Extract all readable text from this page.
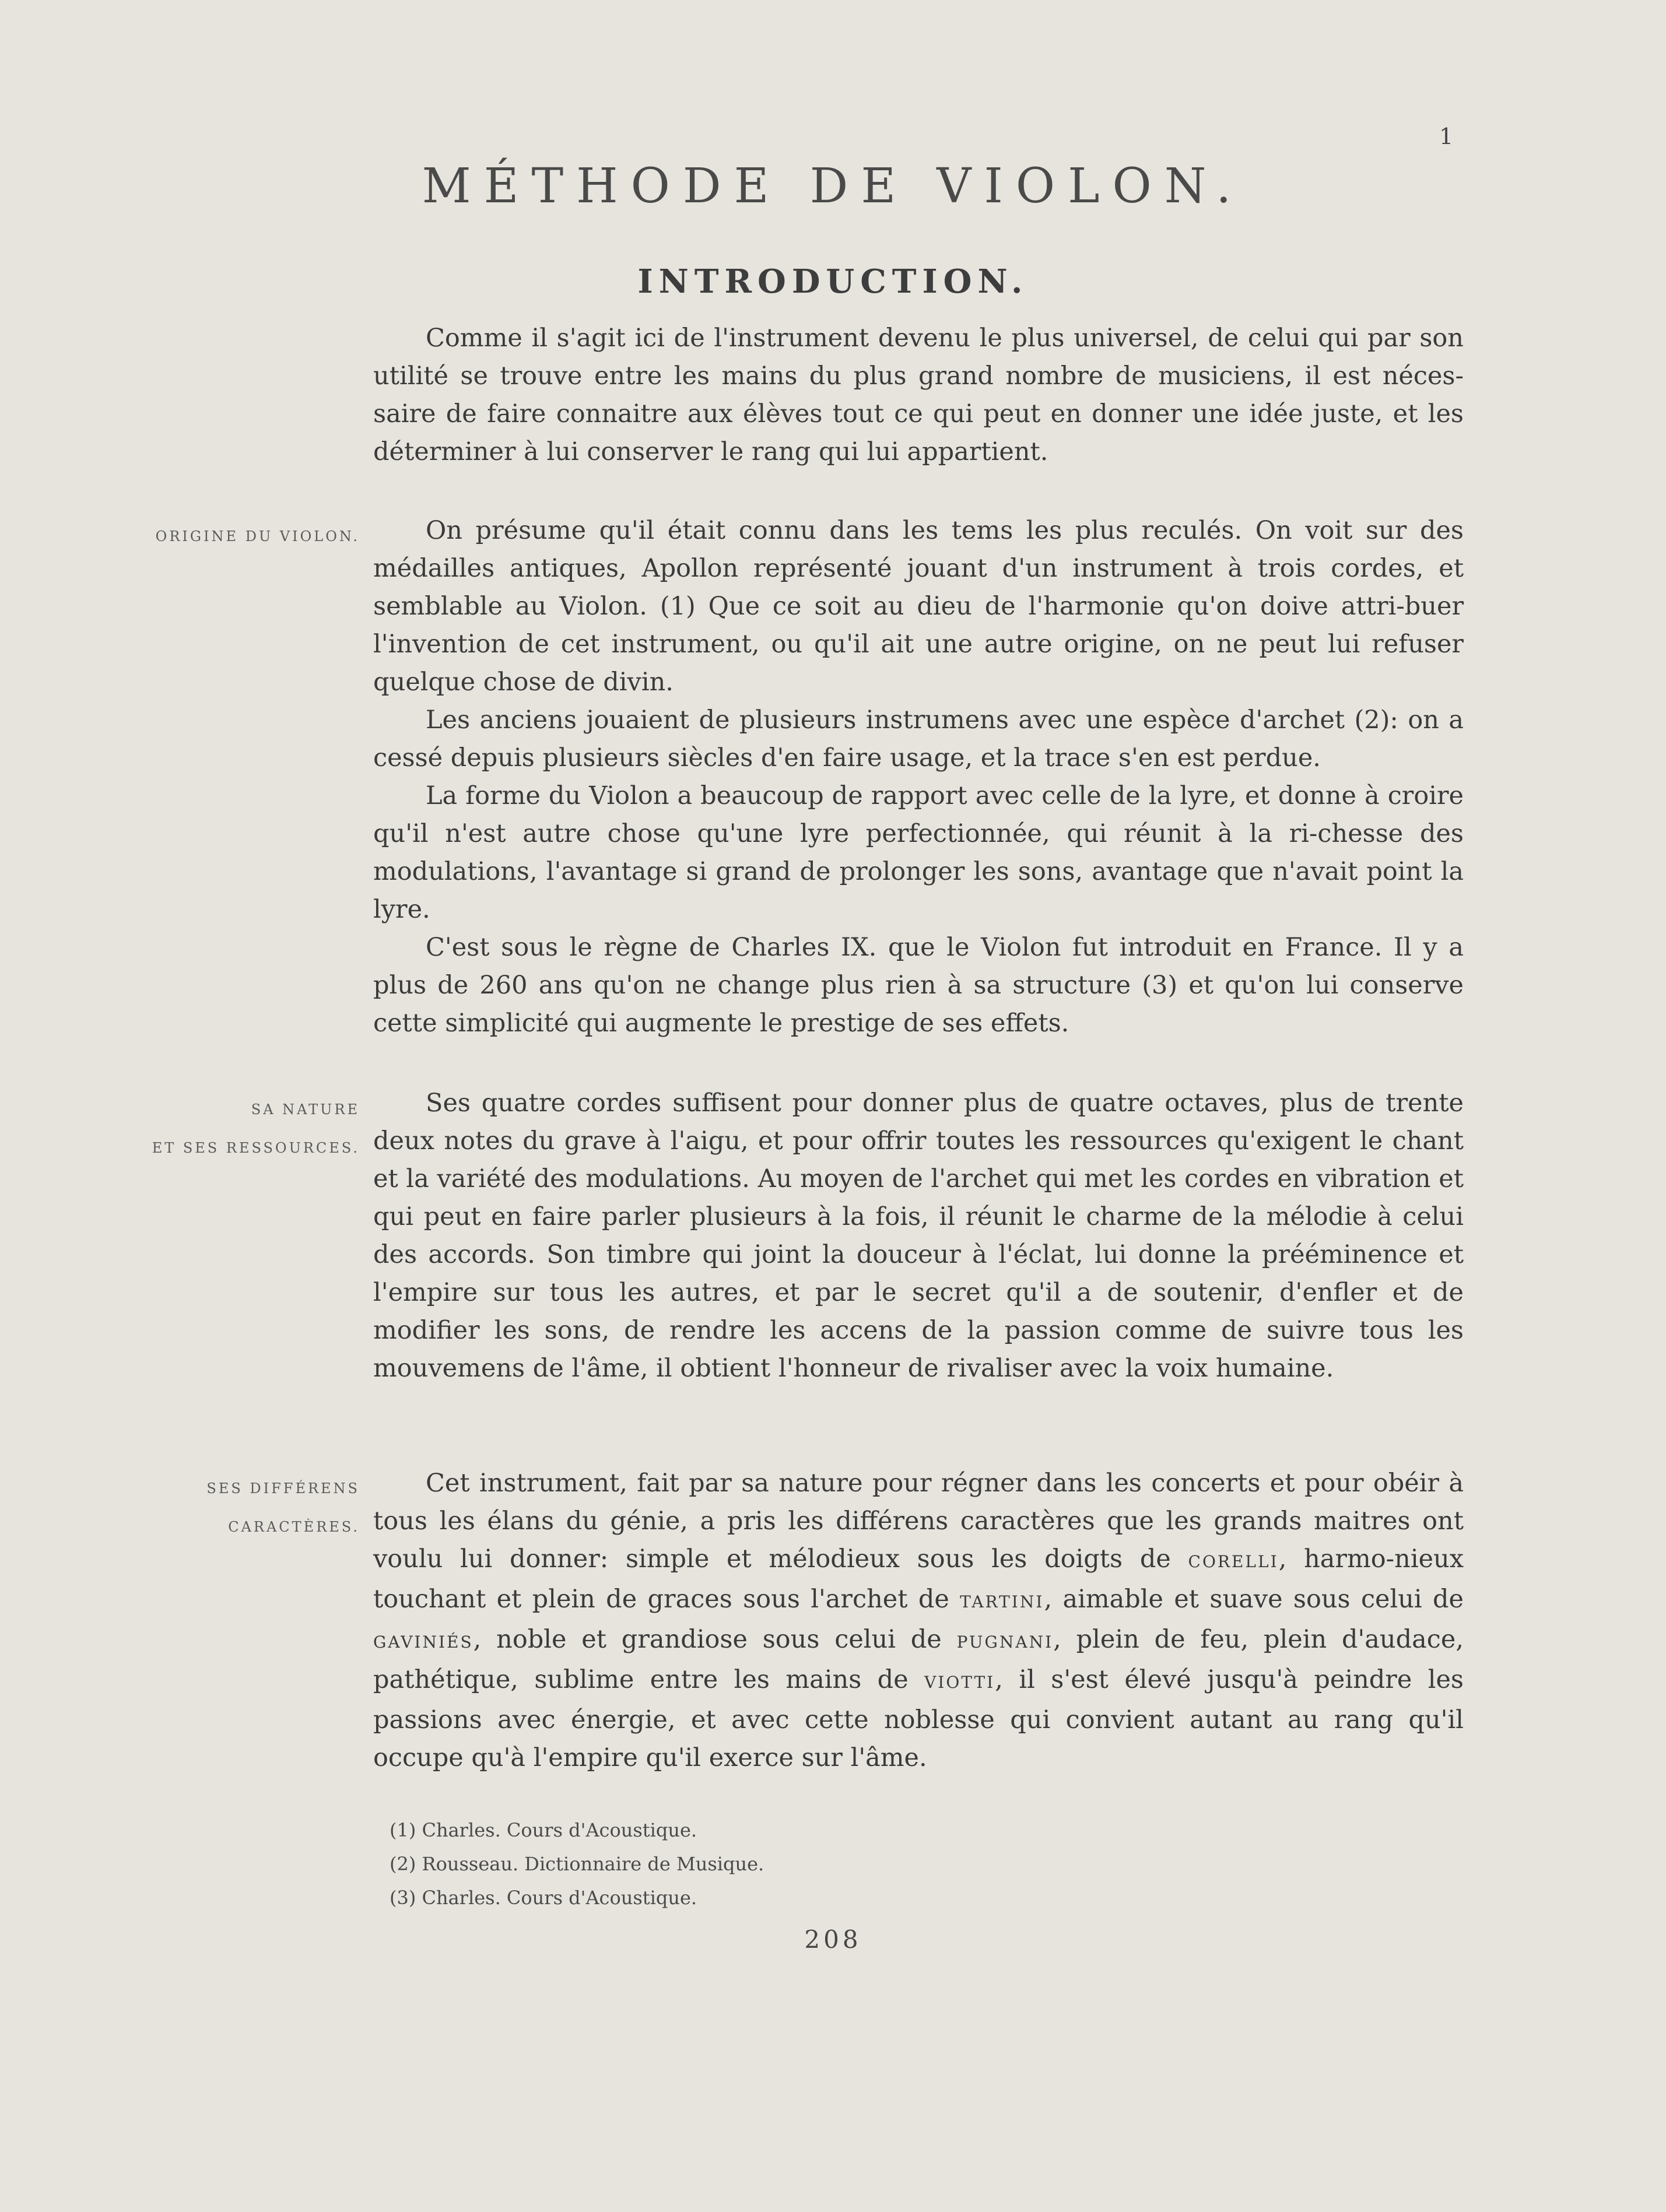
1
MÉTHODE DE VIOLON.
INTRODUCTION.

Comme il s'agit ici de l'instrument devenu le plus universel, de celui qui par son utilité se trouve entre les mains du plus grand nombre de musiciens, il est néces-saire de faire connaitre aux élèves tout ce qui peut en donner une idée juste, et les déterminer à lui conserver le rang qui lui appartient.

ORIGINE DU VIOLON.	On présume qu'il était connu dans les tems les plus reculés. On voit sur des médailles antiques, Apollon représenté jouant d'un instrument à trois cordes, et semblable au Violon. (1) Que ce soit au dieu de l'harmonie qu'on doive attri-buer l'invention de cet instrument, ou qu'il ait une autre origine, on ne peut lui refuser quelque chose de divin.

Les anciens jouaient de plusieurs instrumens avec une espèce d'archet (2): on a cessé depuis plusieurs siècles d'en faire usage, et la trace s'en est perdue.

La forme du Violon a beaucoup de rapport avec celle de la lyre, et donne à croire qu'il n'est autre chose qu'une lyre perfectionnée, qui réunit à la ri-chesse des modulations, l'avantage si grand de prolonger les sons, avantage que n'avait point la lyre.

C'est sous le règne de Charles IX. que le Violon fut introduit en France. Il y a plus de 260 ans qu'on ne change plus rien à sa structure (3) et qu'on lui conserve cette simplicité qui augmente le prestige de ses effets.

SA NATURE
ET SES RESSOURCES.

Ses quatre cordes suffisent pour donner plus de quatre octaves, plus de trente deux notes du grave à l'aigu, et pour offrir toutes les ressources qu'exigent le chant et la variété des modulations. Au moyen de l'archet qui met les cordes en vibration et qui peut en faire parler plusieurs à la fois, il réunit le charme de la mélodie à celui des accords. Son timbre qui joint la douceur à l'éclat, lui donne la prééminence et l'empire sur tous les autres, et par le secret qu'il a de soutenir, d'enfler et de modifier les sons, de rendre les accens de la passion comme de suivre tous les mouvemens de l'âme, il obtient l'honneur de rivaliser avec la voix humaine.

SES DIFFÉRENS
CARACTÈRES.

Cet instrument, fait par sa nature pour régner dans les concerts et pour obéir à tous les élans du génie, a pris les différens caractères que les grands maitres ont voulu lui donner: simple et mélodieux sous les doigts de CORELLI, harmo-nieux touchant et plein de graces sous l'archet de TARTINI, aimable et suave sous celui de GAVINIÉS, noble et grandiose sous celui de PUGNANI, plein de feu, plein d'audace, pathétique, sublime entre les mains de VIOTTI, il s'est élevé jusqu'à peindre les passions avec énergie, et avec cette noblesse qui convient autant au rang qu'il occupe qu'à l'empire qu'il exerce sur l'âme.

(1) Charles. Cours d'Acoustique.
(2) Rousseau. Dictionnaire de Musique.
(3) Charles. Cours d'Acoustique.
208
